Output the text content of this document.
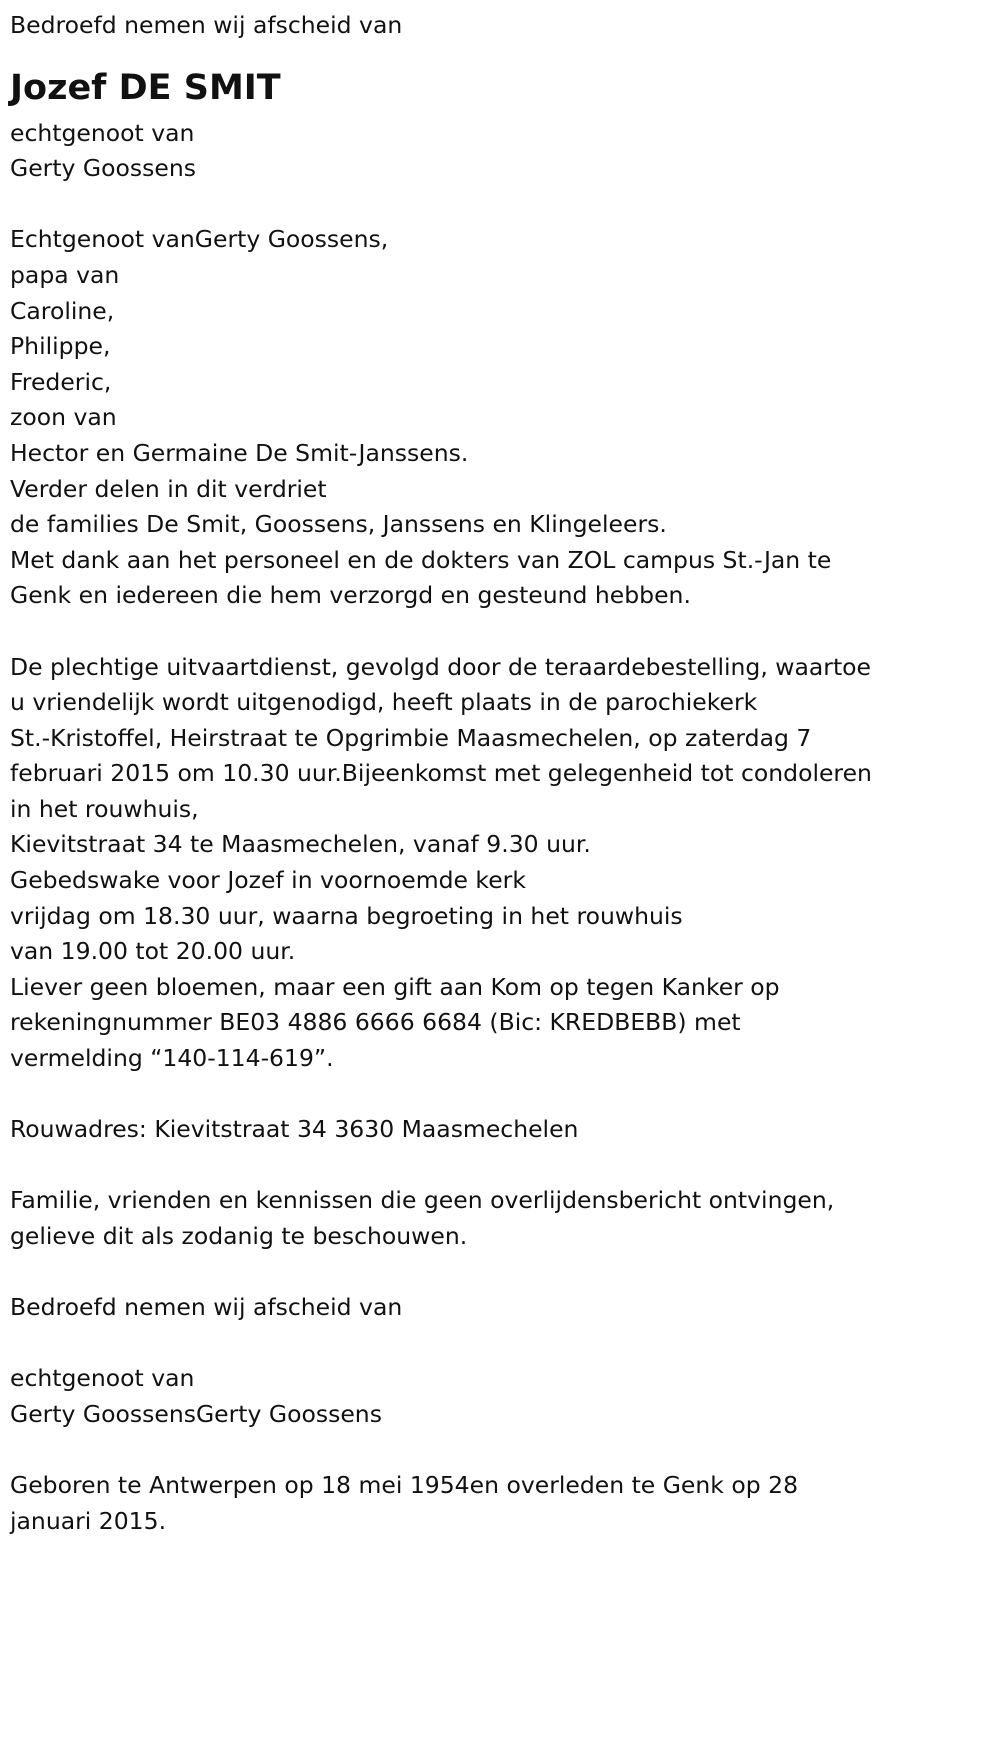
Bedroefd nemen wij afscheid van
Jozef DE SMIT
echtgenoot van
Gerty Goossens
Echtgenoot vanGerty Goossens,
papa van
Caroline,
Philippe,
Frederic,
zoon van
Hector en Germaine De Smit-Janssens.
Verder delen in dit verdriet
de families De Smit, Goossens, Janssens en Klingeleers.
Met dank aan het personeel en de dokters van ZOL campus St.-Jan te
Genk en iedereen die hem verzorgd en gesteund hebben.
De plechtige uitvaartdienst, gevolgd door de teraardebestelling, waartoe
u vriendelijk wordt uitgenodigd, heeft plaats in de parochiekerk
St.-Kristoffel, Heirstraat te Opgrimbie Maasmechelen, op zaterdag 7
februari 2015 om 10.30 uur.Bijeenkomst met gelegenheid tot condoleren
in het rouwhuis,
Kievitstraat 34 te Maasmechelen, vanaf 9.30 uur.
Gebedswake voor Jozef in voornoemde kerk
vrijdag om 18.30 uur, waarna begroeting in het rouwhuis
van 19.00 tot 20.00 uur.
Liever geen bloemen, maar een gift aan Kom op tegen Kanker op
rekeningnummer BE03 4886 6666 6684 (Bic: KREDBEBB) met
vermelding “140-114-619”.
Rouwadres: Kievitstraat 34 3630 Maasmechelen
Familie, vrienden en kennissen die geen overlijdensbericht ontvingen,
gelieve dit als zodanig te beschouwen.
Bedroefd nemen wij afscheid van
echtgenoot van
Gerty GoossensGerty Goossens
Geboren te Antwerpen op 18 mei 1954en overleden te Genk op 28
januari 2015.
